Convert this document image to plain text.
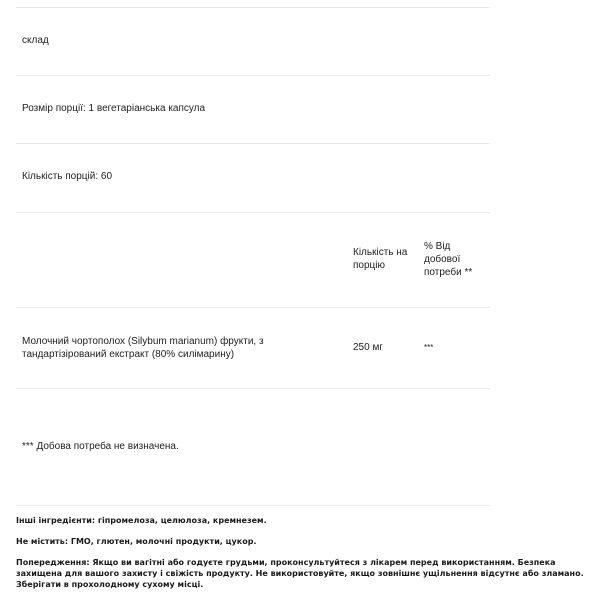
склад
Розмір порції: 1 вегетаріанська капсула
Кількість порцій: 60
Кількість на порцію
% Від добової потреби **
Молочний чортополох (Silybum marianum) фрукти, з тандартізірований екстракт (80% силімарину)
250 мг	***
*** Добова потреба не визначена.
Інші інгредієнти: гіпромелоза, целюлоза, кремнезем.
Не містить: ГМО, глютен, молочні продукти, цукор.
Попередження: Якщо ви вагітні або годуєте грудьми, проконсультуйтеся з лікарем перед використанням. Безпека захищена для вашого захисту і свіжість продукту. Не використовуйте, якщо зовнішнє ущільнення відсутнє або зламано. Зберігати в прохолодному сухому місці.
